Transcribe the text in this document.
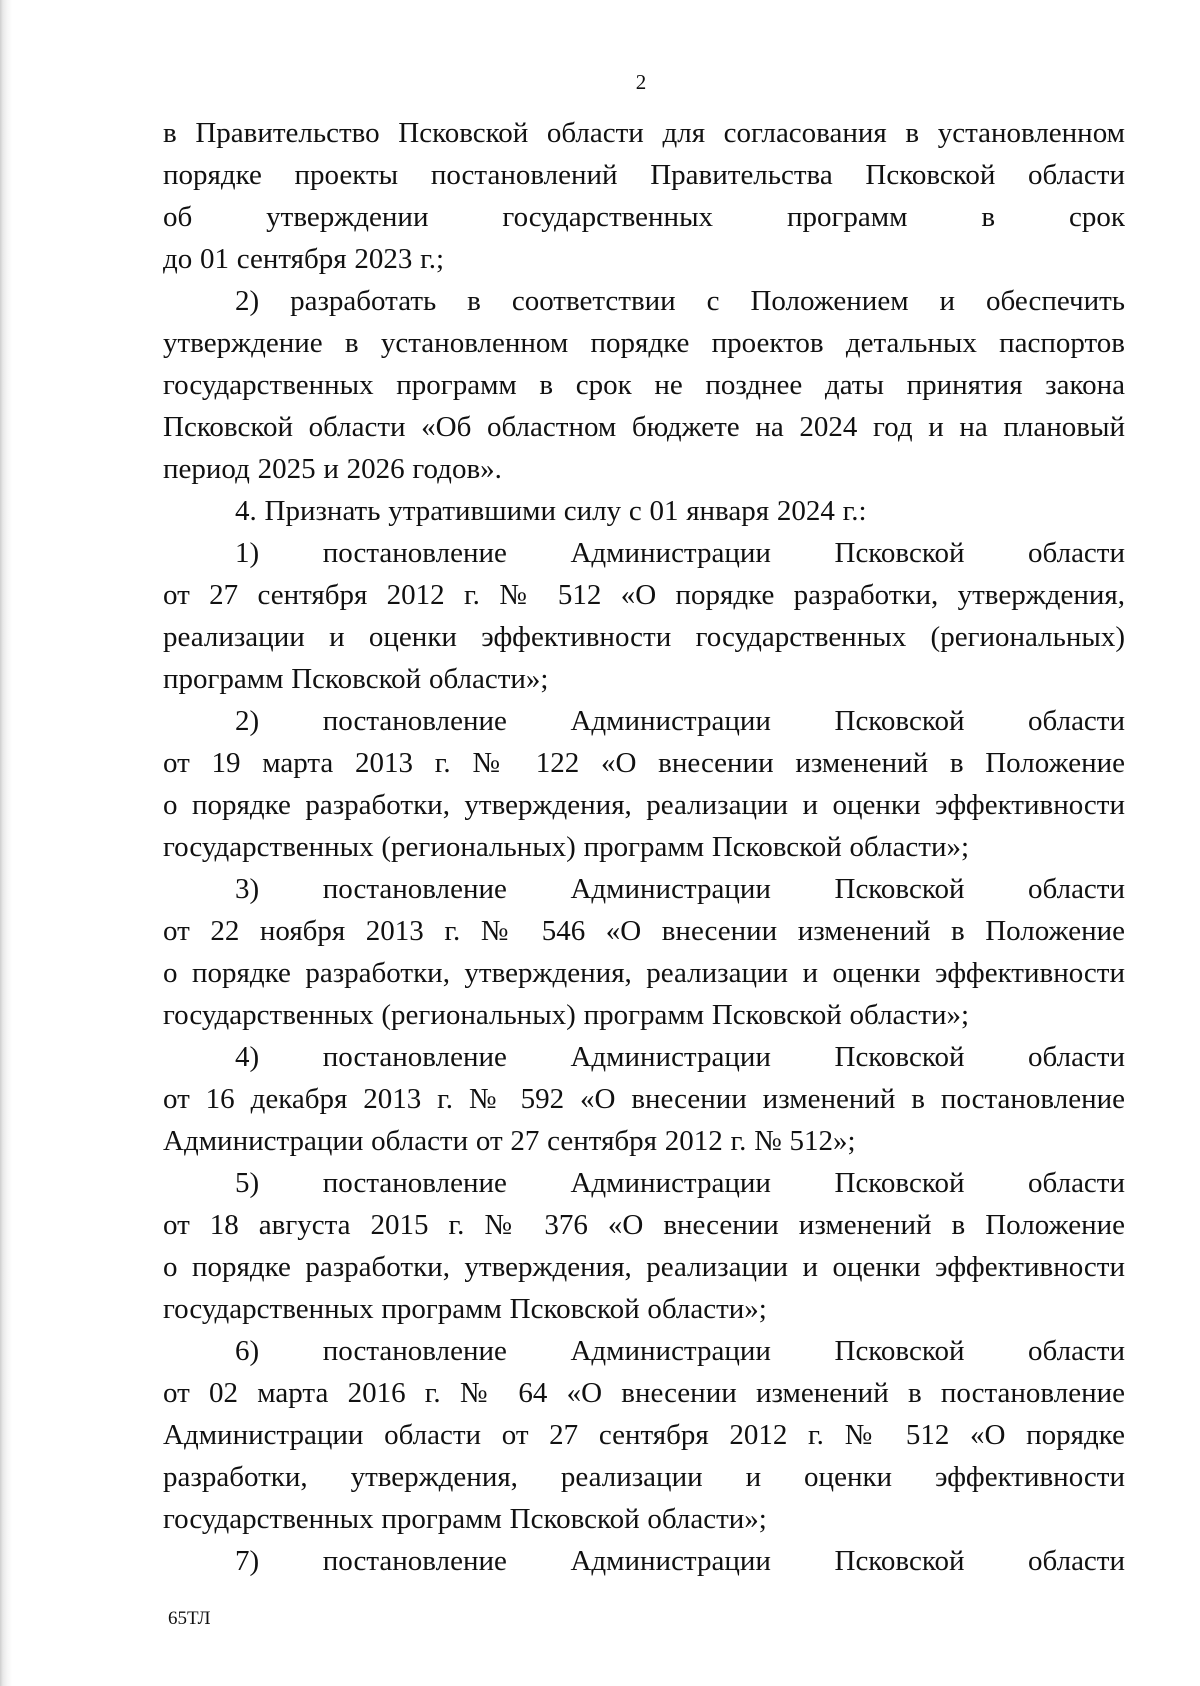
2

в Правительство Псковской области для согласования в установленном
порядке проекты постановлений Правительства Псковской области
об утверждении государственных программ в срок
до 01 сентября 2023 г.;

2) разработать в соответствии с Положением и обеспечить
утверждение в установленном порядке проектов детальных паспортов
государственных программ в срок не позднее даты принятия закона
Псковской области «Об областном бюджете на 2024 год и на плановый
период 2025 и 2026 годов».

4. Признать утратившими силу с 01 января 2024 г.:

1) постановление Администрации Псковской области
от 27 сентября 2012 г. № 512 «О порядке разработки, утверждения,
реализации и оценки эффективности государственных (региональных)
программ Псковской области»;

2) постановление Администрации Псковской области
от 19 марта 2013 г. № 122 «О внесении изменений в Положение
о порядке разработки, утверждения, реализации и оценки эффективности
государственных (региональных) программ Псковской области»;

3) постановление Администрации Псковской области
от 22 ноября 2013 г. № 546 «О внесении изменений в Положение
о порядке разработки, утверждения, реализации и оценки эффективности
государственных (региональных) программ Псковской области»;

4) постановление Администрации Псковской области
от 16 декабря 2013 г. № 592 «О внесении изменений в постановление
Администрации области от 27 сентября 2012 г. № 512»;

5) постановление Администрации Псковской области
от 18 августа 2015 г. № 376 «О внесении изменений в Положение
о порядке разработки, утверждения, реализации и оценки эффективности
государственных программ Псковской области»;

6) постановление Администрации Псковской области
от 02 марта 2016 г. № 64 «О внесении изменений в постановление
Администрации области от 27 сентября 2012 г. № 512 «О порядке
разработки, утверждения, реализации и оценки эффективности
государственных программ Псковской области»;

7) постановление Администрации Псковской области

65ТЛ
